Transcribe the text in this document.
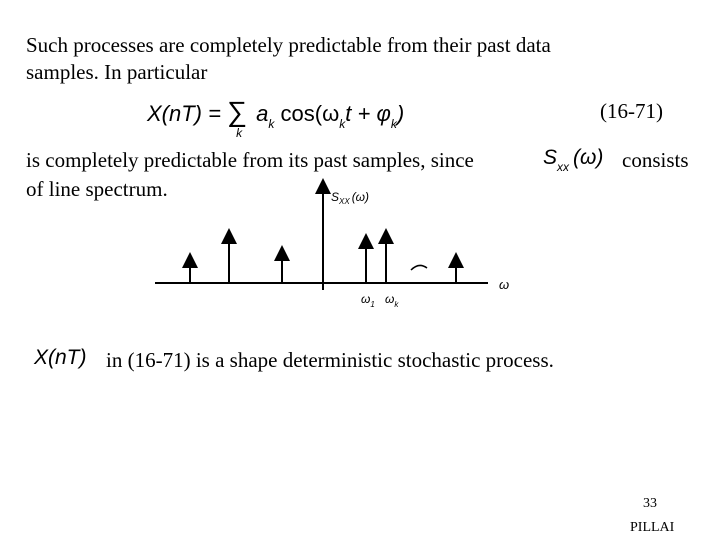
Such processes are completely predictable from their past data
samples. In particular
X(nT) = ∑
k
$a_k$ $\cos(\omega_kt + \varphi_k)$	(16-71)
is completely predictable from its past samples, since	$S_{xx}$ (ω) consists
of line spectrum.	$S_{XX}$ (ω)
ω
$\omega_1$ $\omega_k$
X(nT) in (16-71) is a shape deterministic stochastic process.
33
PILLAI
